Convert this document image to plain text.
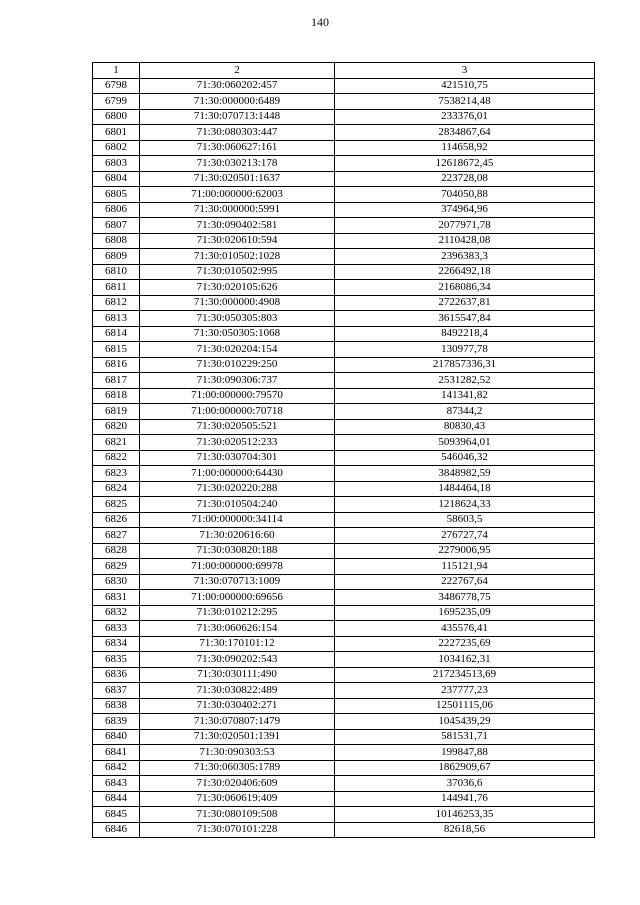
140
1	2	3
6798	71:30:060202:457	421510,75
6799	71:30:000000:6489	7538214,48
6800	71:30:070713:1448	233376,01
6801	71:30:080303:447	2834867,64
6802	71:30:060627:161	114658,92
6803	71:30:030213:178	12618672,45
6804	71:30:020501:1637	223728,08
6805	71:00:000000:62003	704050,88
6806	71:30:000000:5991	374964,96
6807	71:30:090402:581	2077971,78
6808	71:30:020610:594	2110428,08
6809	71:30:010502:1028	2396383,3
6810	71:30:010502:995	2266492,18
6811	71:30:020105:626	2168086,34
6812	71:30:000000:4908	2722637,81
6813	71:30:050305:803	3615547,84
6814	71:30:050305:1068	8492218,4
6815	71:30:020204:154	130977,78
6816	71:30:010229:250	217857336,31
6817	71:30:090306:737	2531282,52
6818	71:00:000000:79570	141341,82
6819	71:00:000000:70718	87344,2
6820	71:30:020505:521	80830,43
6821	71:30:020512:233	5093964,01
6822	71:30:030704:301	546046,32
6823	71:00:000000:64430	3848982,59
6824	71:30:020220:288	1484464,18
6825	71:30:010504:240	1218624,33
6826	71:00:000000:34114	58603,5
6827	71:30:020616:60	276727,74
6828	71:30:030820:188	2279006,95
6829	71:00:000000:69978	115121,94
6830	71:30:070713:1009	222767,64
6831	71:00:000000:69656	3486778,75
6832	71:30:010212:295	1695235,09
6833	71:30:060626:154	435576,41
6834	71:30:170101:12	2227235,69
6835	71:30:090202:543	1034162,31
6836	71:30:030111:490	217234513,69
6837	71:30:030822:489	237777,23
6838	71:30:030402:271	12501115,06
6839	71:30:070807:1479	1045439,29
6840	71:30:020501:1391	581531,71
6841	71:30:090303:53	199847,88
6842	71:30:060305:1789	1862909,67
6843	71:30:020406:609	37036,6
6844	71:30:060619:409	144941,76
6845	71:30:080109:508	10146253,35
6846	71:30:070101:228	82618,56
